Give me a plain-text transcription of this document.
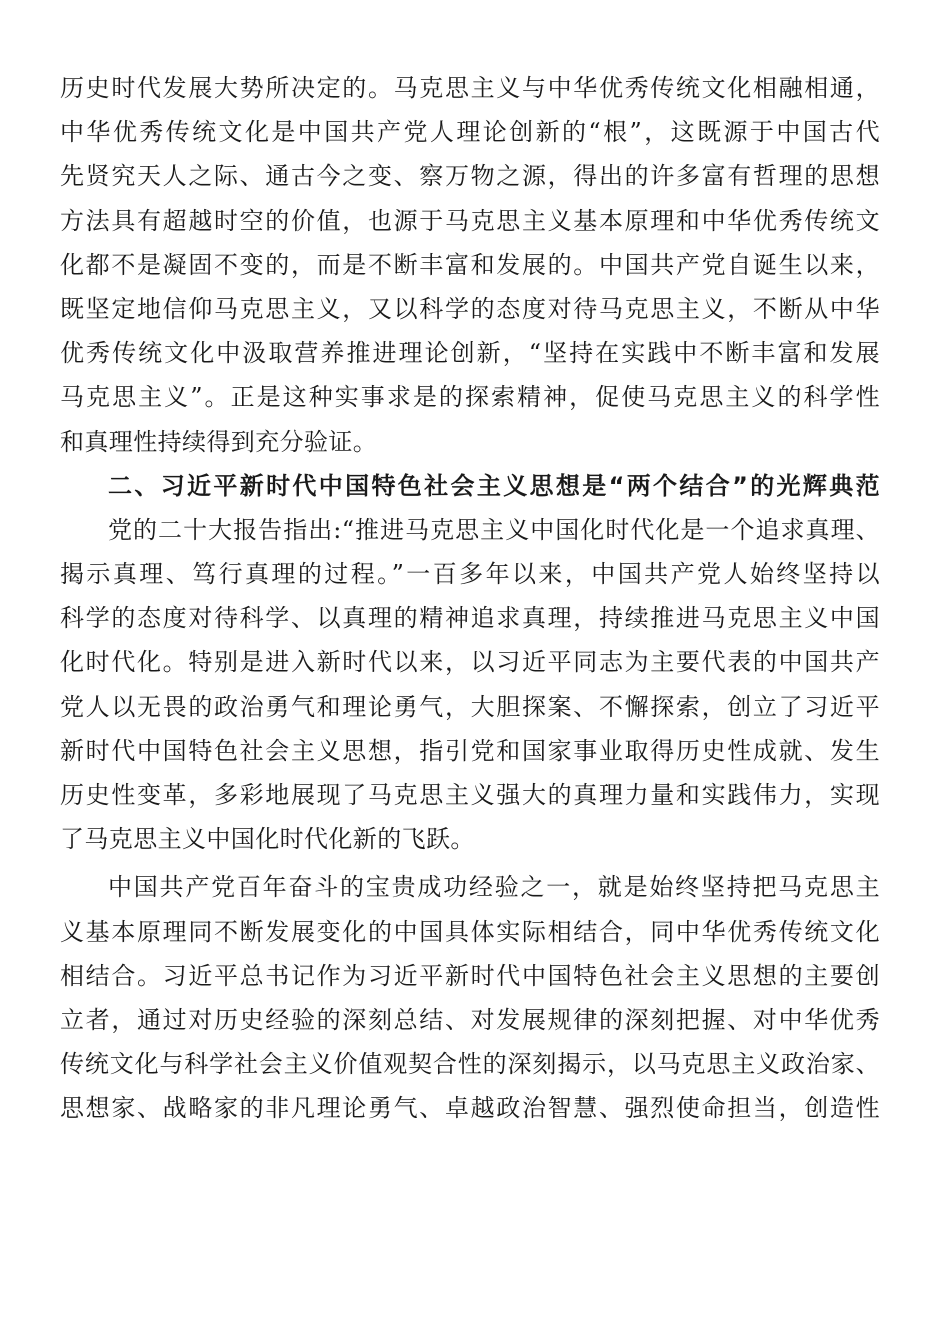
历史时代发展大势所决定的。马克思主义与中华优秀传统文化相融相通，
中华优秀传统文化是中国共产党人理论创新的“根”，这既源于中国古代
先贤究天人之际、通古今之变、察万物之源，得出的许多富有哲理的思想
方法具有超越时空的价值，也源于马克思主义基本原理和中华优秀传统文
化都不是凝固不变的，而是不断丰富和发展的。中国共产党自诞生以来，
既坚定地信仰马克思主义，又以科学的态度对待马克思主义，不断从中华
优秀传统文化中汲取营养推进理论创新，“坚持在实践中不断丰富和发展
马克思主义”。正是这种实事求是的探索精神，促使马克思主义的科学性
和真理性持续得到充分验证。
二、习近平新时代中国特色社会主义思想是“两个结合”的光辉典范
党的二十大报告指出:“推进马克思主义中国化时代化是一个追求真理、
揭示真理、笃行真理的过程。”一百多年以来，中国共产党人始终坚持以
科学的态度对待科学、以真理的精神追求真理，持续推进马克思主义中国
化时代化。特别是进入新时代以来，以习近平同志为主要代表的中国共产
党人以无畏的政治勇气和理论勇气，大胆探案、不懈探索，创立了习近平
新时代中国特色社会主义思想，指引党和国家事业取得历史性成就、发生
历史性变革，多彩地展现了马克思主义强大的真理力量和实践伟力，实现
了马克思主义中国化时代化新的飞跃。
中国共产党百年奋斗的宝贵成功经验之一，就是始终坚持把马克思主
义基本原理同不断发展变化的中国具体实际相结合，同中华优秀传统文化
相结合。习近平总书记作为习近平新时代中国特色社会主义思想的主要创
立者，通过对历史经验的深刻总结、对发展规律的深刻把握、对中华优秀
传统文化与科学社会主义价值观契合性的深刻揭示，以马克思主义政治家、
思想家、战略家的非凡理论勇气、卓越政治智慧、强烈使命担当，创造性
